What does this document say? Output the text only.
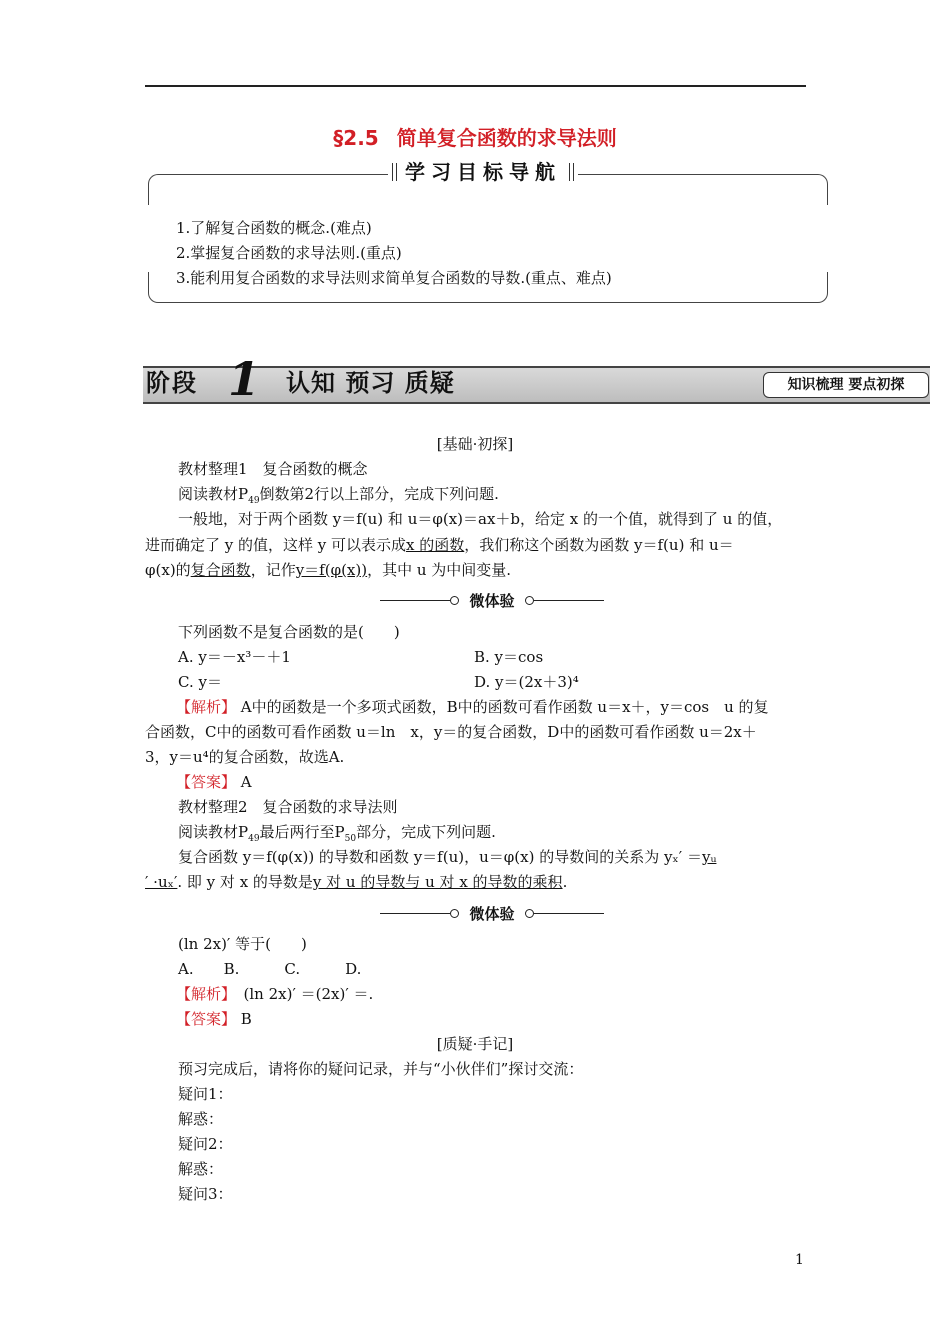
§2.5 简单复合函数的求导法则
学习目标导航
1.了解复合函数的概念.(难点)
2.掌握复合函数的求导法则.(重点)
3.能利用复合函数的求导法则求简单复合函数的导数.(重点、难点)
阶段 1 认知 预习 质疑	知识梳理 要点初探
[基础·初探]
教材整理1　复合函数的概念
阅读教材$P_{49}$倒数第2行以上部分，完成下列问题.
一般地，对于两个函数 y＝f(u) 和 u＝φ(x)＝ax＋b，给定 x 的一个值，就得到了 u 的值，
进而确定了 y 的值，这样 y 可以表示成x 的函数，我们称这个函数为函数 y＝f(u) 和 u＝
φ(x)的复合函数，记作y＝f(φ(x))，其中 u 为中间变量.
微体验
下列函数不是复合函数的是(　　)
A. y＝－x³－＋1	B. y＝cos
C. y＝	D. y＝(2x＋3)⁴
【解析】 A中的函数是一个多项式函数，B中的函数可看作函数 u＝x＋，y＝cos　u 的复
合函数，C中的函数可看作函数 u＝ln　x，y＝的复合函数，D中的函数可看作函数 u＝2x＋
3，y＝u⁴的复合函数，故选A.
【答案】 A
教材整理2　复合函数的求导法则
阅读教材$P_{49}$最后两行至$P_{50}$部分，完成下列问题.
复合函数 y＝f(φ(x)) 的导数和函数 y＝f(u)，u＝φ(x) 的导数间的关系为 yₓ′ ＝yᵤ
′ ·uₓ′. 即 y 对 x 的导数是y 对 u 的导数与 u 对 x 的导数的乘积.
微体验
(ln 2x)′ 等于(　　)
A.　　B.　　　C.　　　D.
【解析】　(ln 2x)′ ＝(2x)′ ＝.
【答案】 B
[质疑·手记]
预习完成后，请将你的疑问记录，并与“小伙伴们”探讨交流：
疑问1：
解惑：
疑问2：
解惑：
疑问3：
1
